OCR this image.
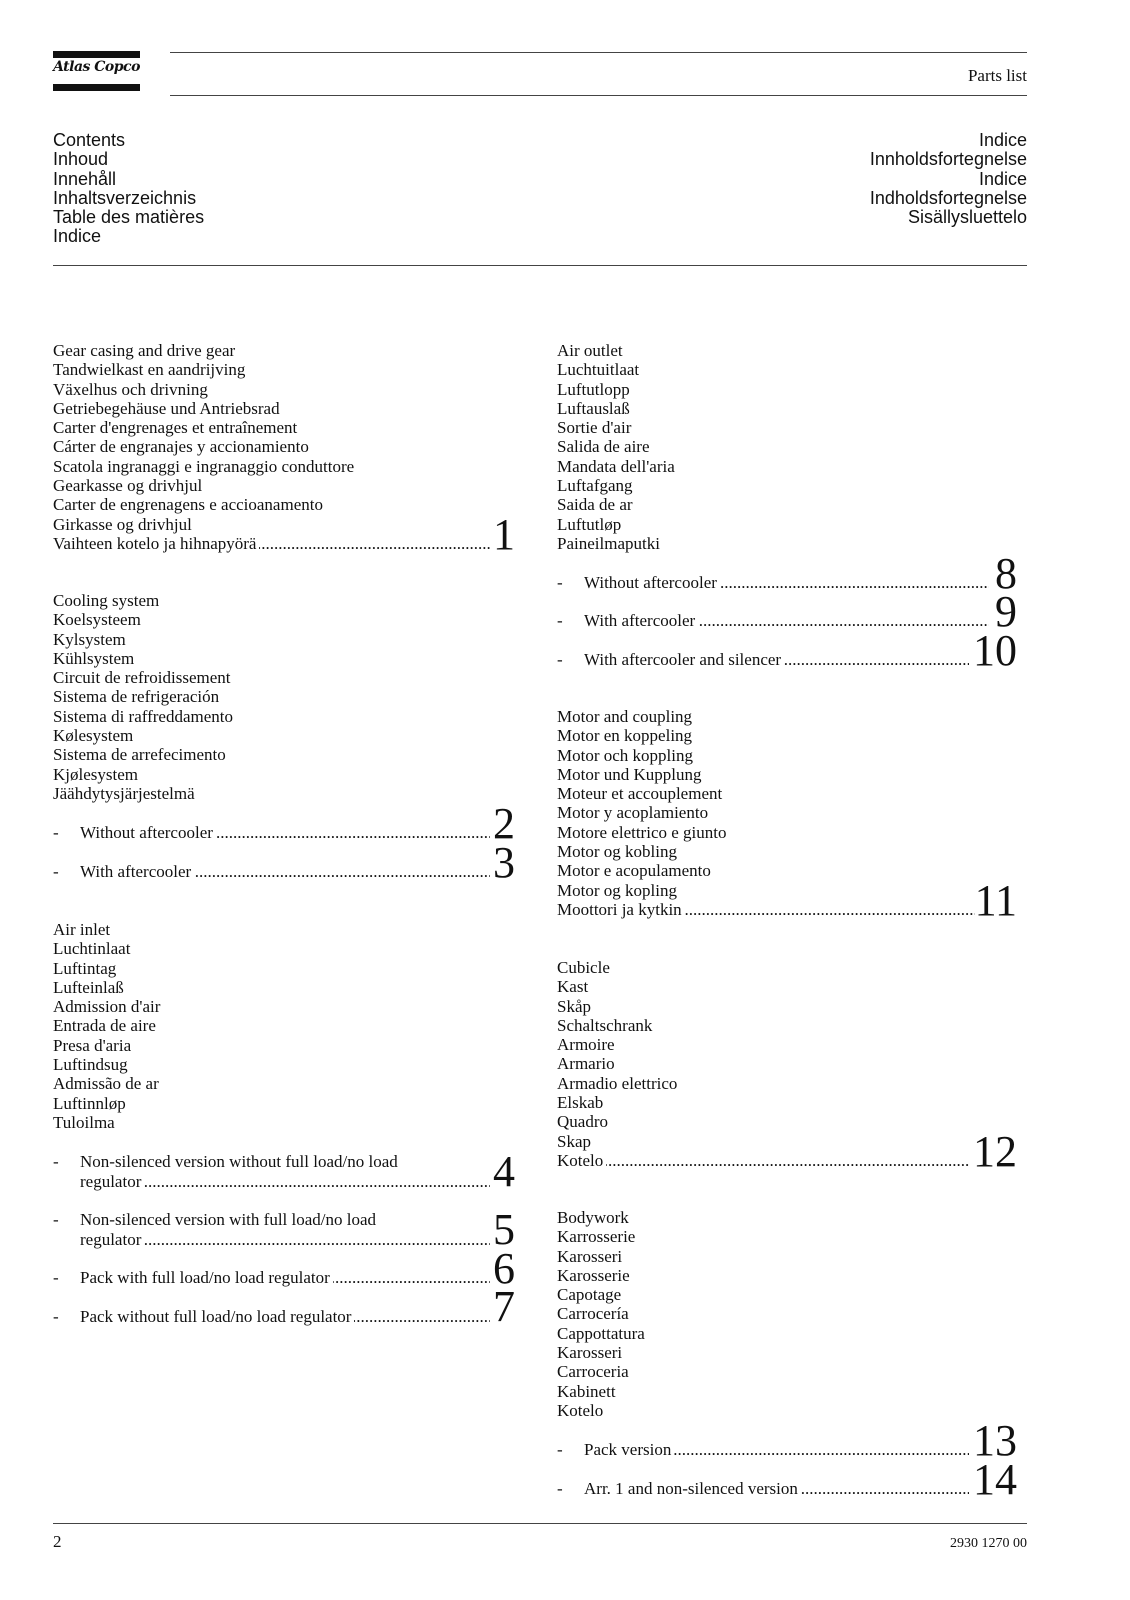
Atlas Copco	Parts list
Contents
Inhoud
Innehåll
Inhaltsverzeichnis
Table des matières
Indice
Indice
Innholdsfortegnelse
Indice
Indholdsfortegnelse
Sisällysluettelo
Gear casing and drive gear
Tandwielkast en aandrijving
Växelhus och drivning
Getriebegehäuse und Antriebsrad
Carter d'engrenages et entraînement
Cárter de engranajes y accionamiento
Scatola ingranaggi e ingranaggio conduttore
Gearkasse og drivhjul
Carter de engrenagens e accioanamento
Girkasse og drivhjul
Vaihteen kotelo ja hihnapyörä .....	1
Cooling system
Koelsysteem
Kylsystem
Kühlsystem
Circuit de refroidissement
Sistema de refrigeración
Sistema di raffreddamento
Kølesystem
Sistema de arrefecimento
Kjølesystem
Jäähdytysjärjestelmä
- Without aftercooler .....	2
- With aftercooler .....	3
Air inlet
Luchtinlaat
Luftintag
Lufteinlaß
Admission d'air
Entrada de aire
Presa d'aria
Luftindsug
Admissão de ar
Luftinnløp
Tuloilma
- Non-silenced version without full load/no load
regulator .....	4
- Non-silenced version with full load/no load
regulator .....	5
- Pack with full load/no load regulator .....	6
- Pack without full load/no load regulator .....	7
Air outlet
Luchtuitlaat
Luftutlopp
Luftauslaß
Sortie d'air
Salida de aire
Mandata dell'aria
Luftafgang
Saida de ar
Luftutløp
Paineilmaputki
- Without aftercooler .....	8
- With aftercooler .....	9
- With aftercooler and silencer .....	10
Motor and coupling
Motor en koppeling
Motor och koppling
Motor und Kupplung
Moteur et accouplement
Motor y acoplamiento
Motore elettrico e giunto
Motor og kobling
Motor e acopulamento
Motor og kopling
Moottori ja kytkin .....	11
Cubicle
Kast
Skåp
Schaltschrank
Armoire
Armario
Armadio elettrico
Elskab
Quadro
Skap
Kotelo .....	12
Bodywork
Karrosserie
Karosseri
Karosserie
Capotage
Carrocería
Cappottatura
Karosseri
Carroceria
Kabinett
Kotelo
- Pack version .....	13
- Arr. 1 and non-silenced version .....	14
2	2930 1270 00
